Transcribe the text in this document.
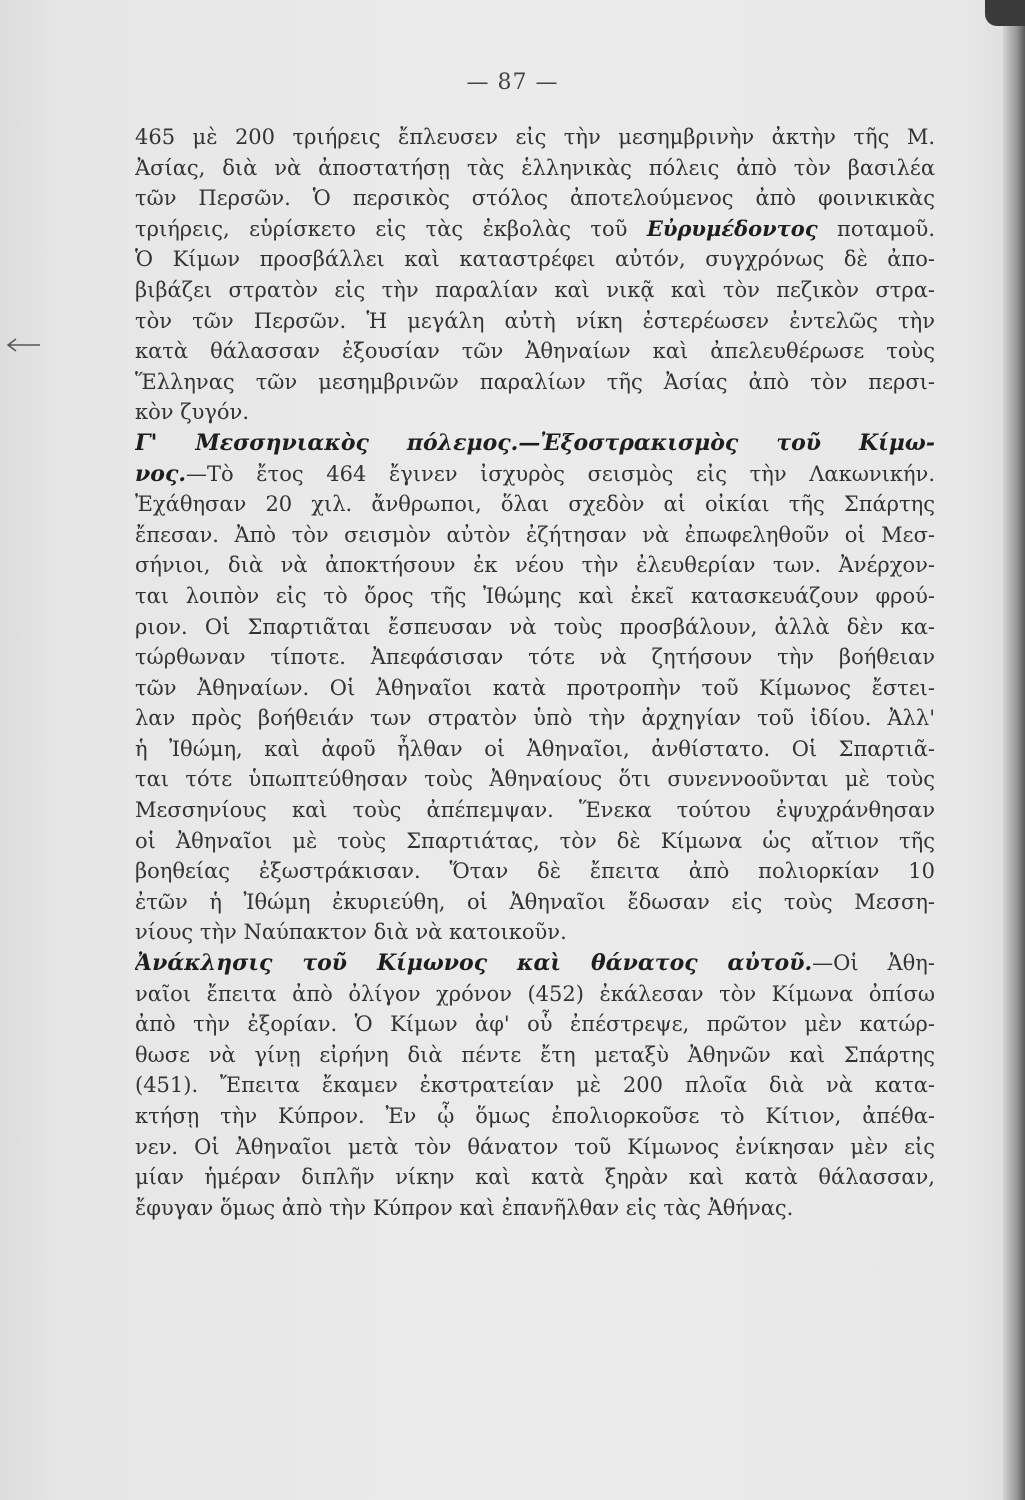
— 87 —
465 μὲ 200 τριήρεις ἔπλευσεν εἰς τὴν μεσημβρινὴν ἀκτὴν τῆς Μ.
Ἀσίας, διὰ νὰ ἀποστατήσῃ τὰς ἑλληνικὰς πόλεις ἀπὸ τὸν βασιλέα
τῶν Περσῶν. Ὁ περσικὸς στόλος ἀποτελούμενος ἀπὸ φοινικικὰς
τριήρεις, εὑρίσκετο εἰς τὰς ἐκβολὰς τοῦ Εὐρυμέδοντος ποταμοῦ.
Ὁ Κίμων προσβάλλει καὶ καταστρέφει αὐτόν, συγχρόνως δὲ ἀπο-
βιβάζει στρατὸν εἰς τὴν παραλίαν καὶ νικᾷ καὶ τὸν πεζικὸν στρα-
τὸν τῶν Περσῶν. Ἡ μεγάλη αὐτὴ νίκη ἐστερέωσεν ἐντελῶς τὴν
κατὰ θάλασσαν ἐξουσίαν τῶν Ἀθηναίων καὶ ἀπελευθέρωσε τοὺς
Ἕλληνας τῶν μεσημβρινῶν παραλίων τῆς Ἀσίας ἀπὸ τὸν περσι-
κὸν ζυγόν.
Γ' Μεσσηνιακὸς πόλεμος.—Ἐξοστρακισμὸς τοῦ Κίμω-
νος.—Τὸ ἔτος 464 ἔγινεν ἰσχυρὸς σεισμὸς εἰς τὴν Λακωνικήν.
Ἐχάθησαν 20 χιλ. ἄνθρωποι, ὅλαι σχεδὸν αἱ οἰκίαι τῆς Σπάρτης
ἔπεσαν. Ἀπὸ τὸν σεισμὸν αὐτὸν ἐζήτησαν νὰ ἐπωφεληθοῦν οἱ Μεσ-
σήνιοι, διὰ νὰ ἀποκτήσουν ἐκ νέου τὴν ἐλευθερίαν των. Ἀνέρχον-
ται λοιπὸν εἰς τὸ ὄρος τῆς Ἰθώμης καὶ ἐκεῖ κατασκευάζουν φρού-
ριον. Οἱ Σπαρτιᾶται ἔσπευσαν νὰ τοὺς προσβάλουν, ἀλλὰ δὲν κα-
τώρθωναν τίποτε. Ἀπεφάσισαν τότε νὰ ζητήσουν τὴν βοήθειαν
τῶν Ἀθηναίων. Οἱ Ἀθηναῖοι κατὰ προτροπὴν τοῦ Κίμωνος ἔστει-
λαν πρὸς βοήθειάν των στρατὸν ὑπὸ τὴν ἀρχηγίαν τοῦ ἰδίου. Ἀλλ'
ἡ Ἰθώμη, καὶ ἀφοῦ ἦλθαν οἱ Ἀθηναῖοι, ἀνθίστατο. Οἱ Σπαρτιᾶ-
ται τότε ὑπωπτεύθησαν τοὺς Ἀθηναίους ὅτι συνεννοοῦνται μὲ τοὺς
Μεσσηνίους καὶ τοὺς ἀπέπεμψαν. Ἕνεκα τούτου ἐψυχράνθησαν
οἱ Ἀθηναῖοι μὲ τοὺς Σπαρτιάτας, τὸν δὲ Κίμωνα ὡς αἴτιον τῆς
βοηθείας ἐξωστράκισαν. Ὅταν δὲ ἔπειτα ἀπὸ πολιορκίαν 10
ἐτῶν ἡ Ἰθώμη ἐκυριεύθη, οἱ Ἀθηναῖοι ἔδωσαν εἰς τοὺς Μεσση-
νίους τὴν Ναύπακτον διὰ νὰ κατοικοῦν.
Ἀνάκλησις τοῦ Κίμωνος καὶ θάνατος αὐτοῦ.—Οἱ Ἀθη-
ναῖοι ἔπειτα ἀπὸ ὀλίγον χρόνον (452) ἐκάλεσαν τὸν Κίμωνα ὀπίσω
ἀπὸ τὴν ἐξορίαν. Ὁ Κίμων ἀφ' οὗ ἐπέστρεψε, πρῶτον μὲν κατώρ-
θωσε νὰ γίνῃ εἰρήνη διὰ πέντε ἔτη μεταξὺ Ἀθηνῶν καὶ Σπάρτης
(451). Ἔπειτα ἔκαμεν ἐκστρατείαν μὲ 200 πλοῖα διὰ νὰ κατα-
κτήσῃ τὴν Κύπρον. Ἐν ᾧ ὅμως ἐπολιορκοῦσε τὸ Κίτιον, ἀπέθα-
νεν. Οἱ Ἀθηναῖοι μετὰ τὸν θάνατον τοῦ Κίμωνος ἐνίκησαν μὲν εἰς
μίαν ἡμέραν διπλῆν νίκην καὶ κατὰ ξηρὰν καὶ κατὰ θάλασσαν,
ἔφυγαν ὅμως ἀπὸ τὴν Κύπρον καὶ ἐπανῆλθαν εἰς τὰς Ἀθήνας.
